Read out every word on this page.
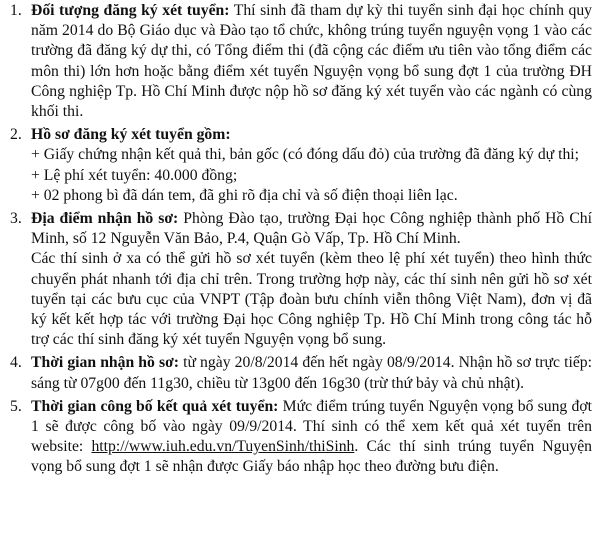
1. Đối tượng đăng ký xét tuyển: Thí sinh đã tham dự kỳ thi tuyển sinh đại học chính quy năm 2014 do Bộ Giáo dục và Đào tạo tổ chức, không trúng tuyển nguyện vọng 1 vào các trường đã đăng ký dự thi, có Tổng điểm thi (đã cộng các điểm ưu tiên vào tổng điểm các môn thi) lớn hơn hoặc bằng điểm xét tuyển Nguyện vọng bổ sung đợt 1 của trường ĐH Công nghiệp Tp. Hồ Chí Minh được nộp hồ sơ đăng ký xét tuyển vào các ngành có cùng khối thi.
2. Hồ sơ đăng ký xét tuyển gồm:
+ Giấy chứng nhận kết quả thi, bản gốc (có đóng dấu đỏ) của trường đã đăng ký dự thi;
+ Lệ phí xét tuyển: 40.000 đồng;
+ 02 phong bì đã dán tem, đã ghi rõ địa chỉ và số điện thoại liên lạc.
3. Địa điểm nhận hồ sơ: Phòng Đào tạo, trường Đại học Công nghiệp thành phố Hồ Chí Minh, số 12 Nguyễn Văn Bảo, P.4, Quận Gò Vấp, Tp. Hồ Chí Minh.
Các thí sinh ở xa có thể gửi hồ sơ xét tuyển (kèm theo lệ phí xét tuyển) theo hình thức chuyển phát nhanh tới địa chỉ trên. Trong trường hợp này, các thí sinh nên gửi hồ sơ xét tuyển tại các bưu cục của VNPT (Tập đoàn bưu chính viễn thông Việt Nam), đơn vị đã ký kết kết hợp tác với trường Đại học Công nghiệp Tp. Hồ Chí Minh trong công tác hỗ trợ các thí sinh đăng ký xét tuyển Nguyện vọng bổ sung.
4. Thời gian nhận hồ sơ: từ ngày 20/8/2014 đến hết ngày 08/9/2014. Nhận hồ sơ trực tiếp: sáng từ 07g00 đến 11g30, chiều từ 13g00 đến 16g30 (trừ thứ bảy và chủ nhật).
5. Thời gian công bố kết quả xét tuyển: Mức điểm trúng tuyển Nguyện vọng bổ sung đợt 1 sẽ được công bố vào ngày 09/9/2014. Thí sinh có thể xem kết quả xét tuyển trên website: http://www.iuh.edu.vn/TuyenSinh/thiSinh. Các thí sinh trúng tuyển Nguyện vọng bổ sung đợt 1 sẽ nhận được Giấy báo nhập học theo đường bưu điện.
